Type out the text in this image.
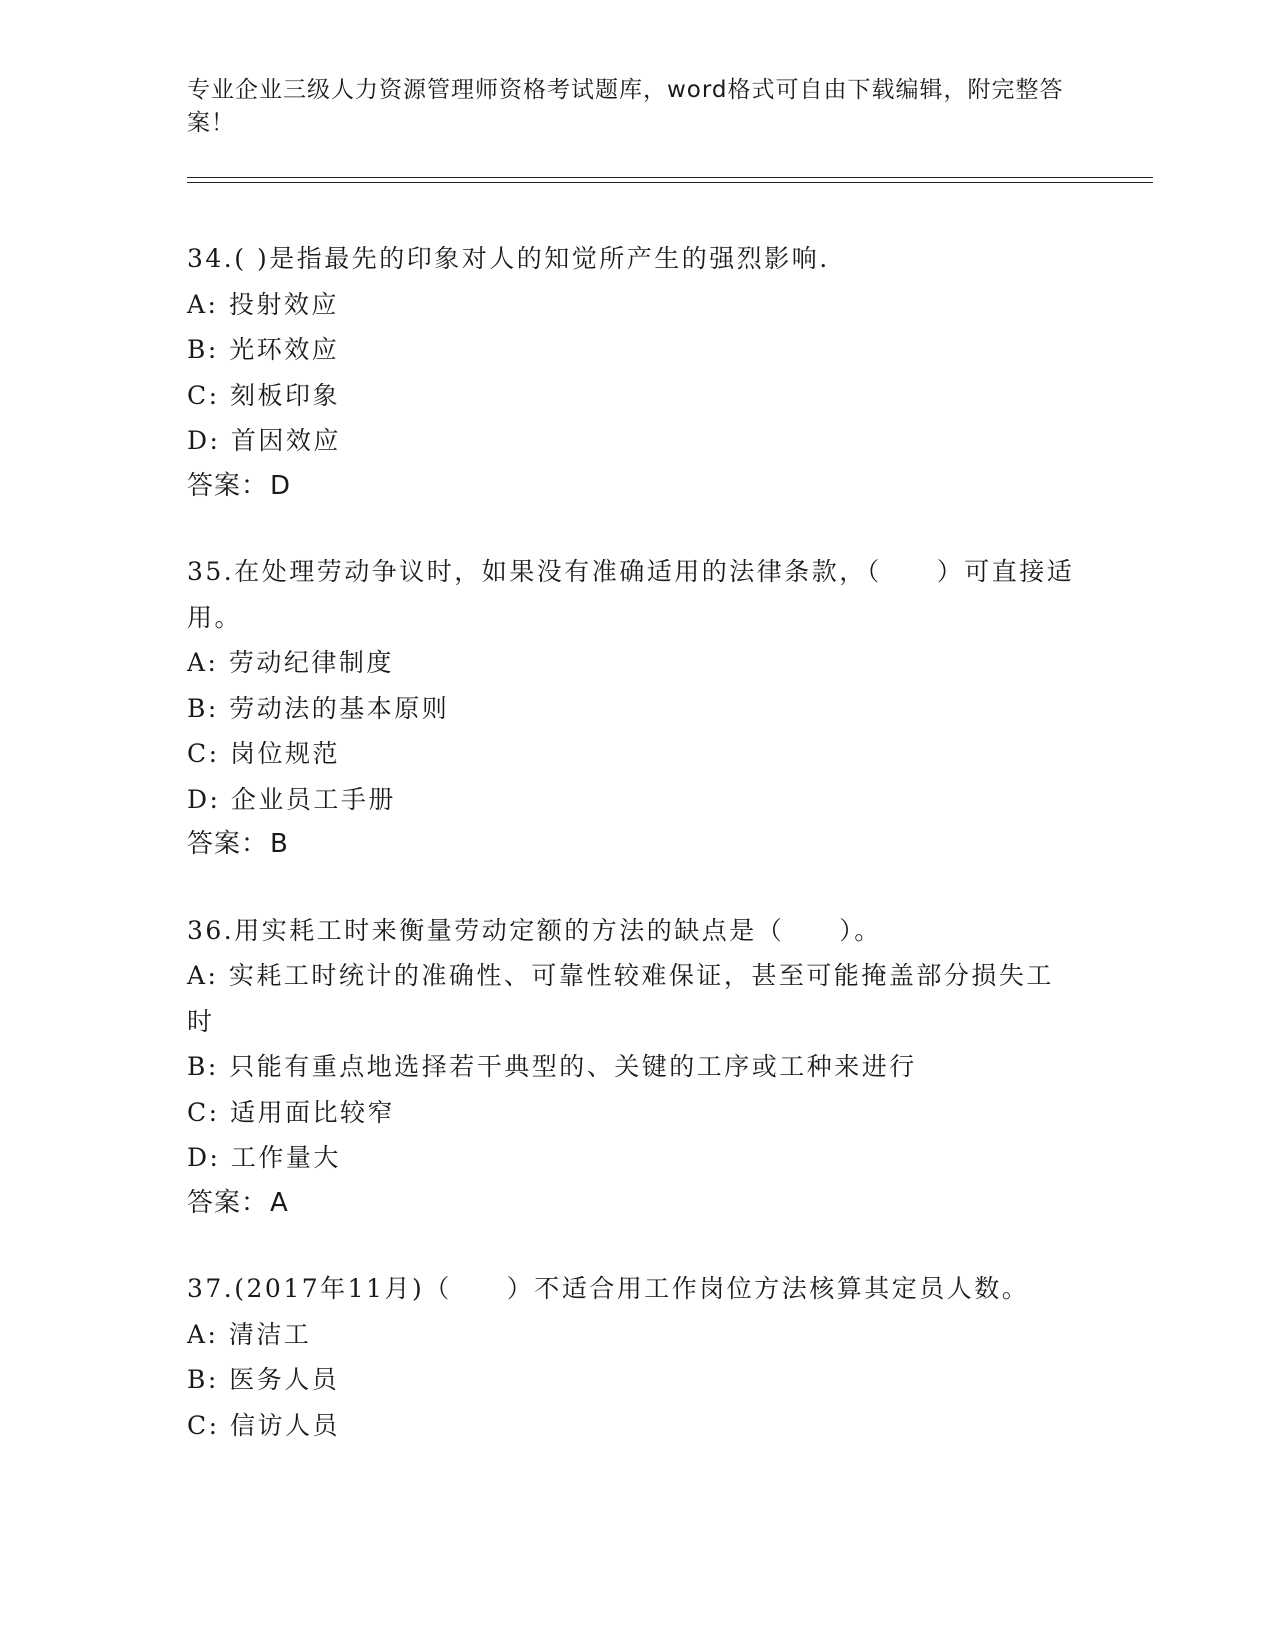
专业企业三级人力资源管理师资格考试题库，word格式可自由下载编辑，附完整答案！
34.( )是指最先的印象对人的知觉所产生的强烈影响.
A: 投射效应
B: 光环效应
C: 刻板印象
D: 首因效应
答案：D
35.在处理劳动争议时，如果没有准确适用的法律条款，（　　）可直接适用。
A: 劳动纪律制度
B: 劳动法的基本原则
C: 岗位规范
D: 企业员工手册
答案：B
36.用实耗工时来衡量劳动定额的方法的缺点是（　　）。
A: 实耗工时统计的准确性、可靠性较难保证，甚至可能掩盖部分损失工时
B: 只能有重点地选择若干典型的、关键的工序或工种来进行
C: 适用面比较窄
D: 工作量大
答案：A
37.(2017年11月)（　　）不适合用工作岗位方法核算其定员人数。
A: 清洁工
B: 医务人员
C: 信访人员
